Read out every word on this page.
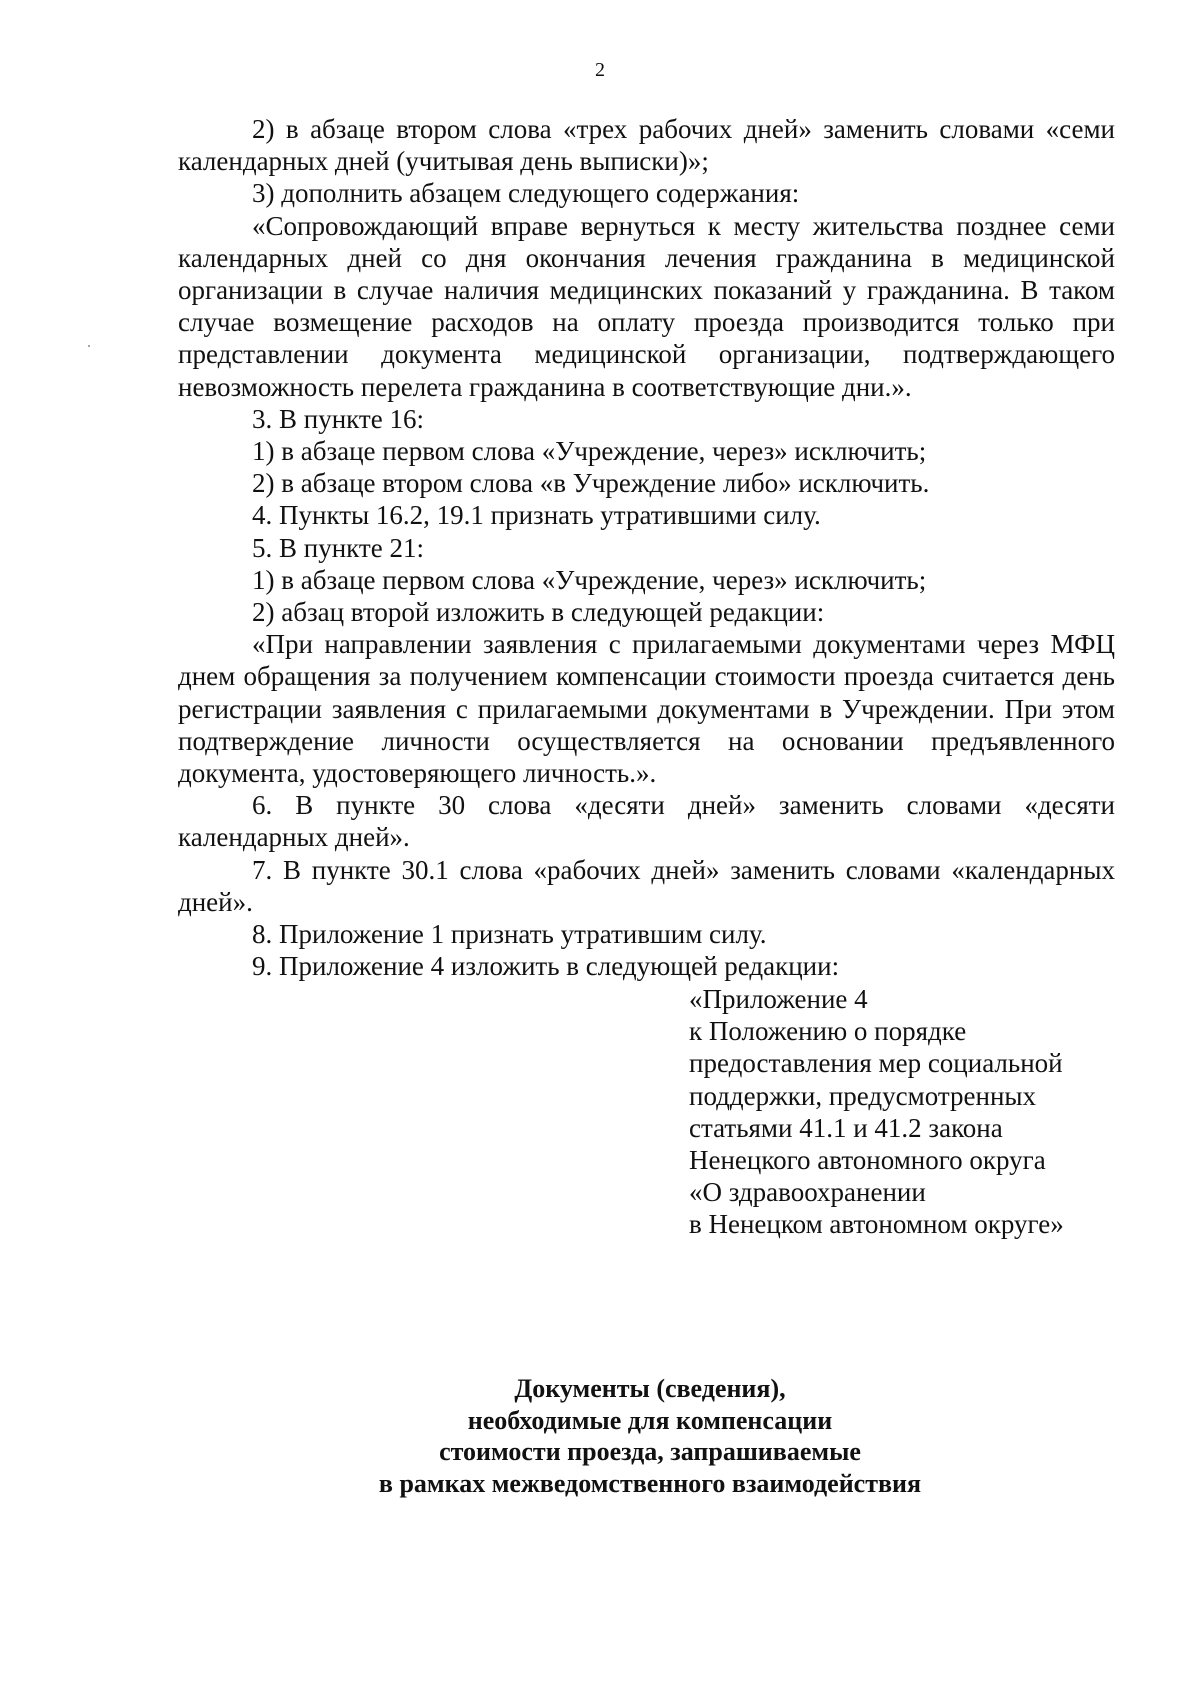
2

2) в абзаце втором слова «трех рабочих дней» заменить словами «семи календарных дней (учитывая день выписки)»;

3) дополнить абзацем следующего содержания:

«Сопровождающий вправе вернуться к месту жительства позднее семи календарных дней со дня окончания лечения гражданина в медицинской организации в случае наличия медицинских показаний у гражданина. В таком случае возмещение расходов на оплату проезда производится только при представлении документа медицинской организации, подтверждающего невозможность перелета гражданина в соответствующие дни.».

3. В пункте 16:

1) в абзаце первом слова «Учреждение, через» исключить;

2) в абзаце втором слова «в Учреждение либо» исключить.

4. Пункты 16.2, 19.1 признать утратившими силу.

5. В пункте 21:

1) в абзаце первом слова «Учреждение, через» исключить;

2) абзац второй изложить в следующей редакции:

«При направлении заявления с прилагаемыми документами через МФЦ днем обращения за получением компенсации стоимости проезда считается день регистрации заявления с прилагаемыми документами в Учреждении. При этом подтверждение личности осуществляется на основании предъявленного документа, удостоверяющего личность.».

6. В пункте 30 слова «десяти дней» заменить словами «десяти календарных дней».

7. В пункте 30.1 слова «рабочих дней» заменить словами «календарных дней».

8. Приложение 1 признать утратившим силу.

9. Приложение 4 изложить в следующей редакции:

«Приложение 4
к Положению о порядке
предоставления мер социальной
поддержки, предусмотренных
статьями 41.1 и 41.2 закона
Ненецкого автономного округа
«О здравоохранении
в Ненецком автономном округе»
Документы (сведения),
необходимые для компенсации
стоимости проезда, запрашиваемые
в рамках межведомственного взаимодействия
